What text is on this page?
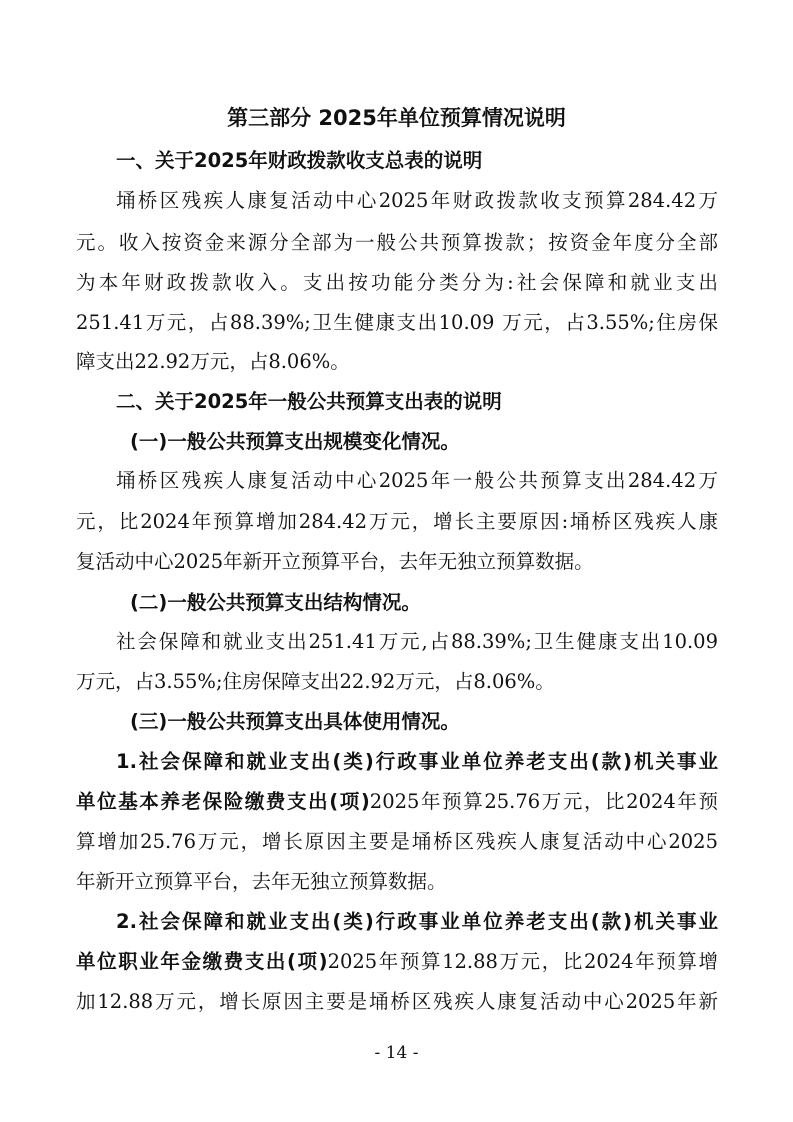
第三部分 2025年单位预算情况说明
一、关于2025年财政拨款收支总表的说明
埇桥区残疾人康复活动中心2025年财政拨款收支预算284.42万
元。收入按资金来源分全部为一般公共预算拨款；按资金年度分全部
为本年财政拨款收入。支出按功能分类分为:社会保障和就业支出
251.41万元，占88.39%;卫生健康支出10.09 万元，占3.55%;住房保
障支出22.92万元，占8.06%。
二、关于2025年一般公共预算支出表的说明
(一)一般公共预算支出规模变化情况。
埇桥区残疾人康复活动中心2025年一般公共预算支出284.42万
元，比2024年预算增加284.42万元，增长主要原因:埇桥区残疾人康
复活动中心2025年新开立预算平台，去年无独立预算数据。
(二)一般公共预算支出结构情况。
社会保障和就业支出251.41万元,占88.39%;卫生健康支出10.09
万元，占3.55%;住房保障支出22.92万元，占8.06%。
(三)一般公共预算支出具体使用情况。
1.社会保障和就业支出(类)行政事业单位养老支出(款)机关事业
单位基本养老保险缴费支出(项)2025年预算25.76万元，比2024年预
算增加25.76万元，增长原因主要是埇桥区残疾人康复活动中心2025
年新开立预算平台，去年无独立预算数据。
2.社会保障和就业支出(类)行政事业单位养老支出(款)机关事业
单位职业年金缴费支出(项)2025年预算12.88万元，比2024年预算增
加12.88万元，增长原因主要是埇桥区残疾人康复活动中心2025年新
- 14 -
